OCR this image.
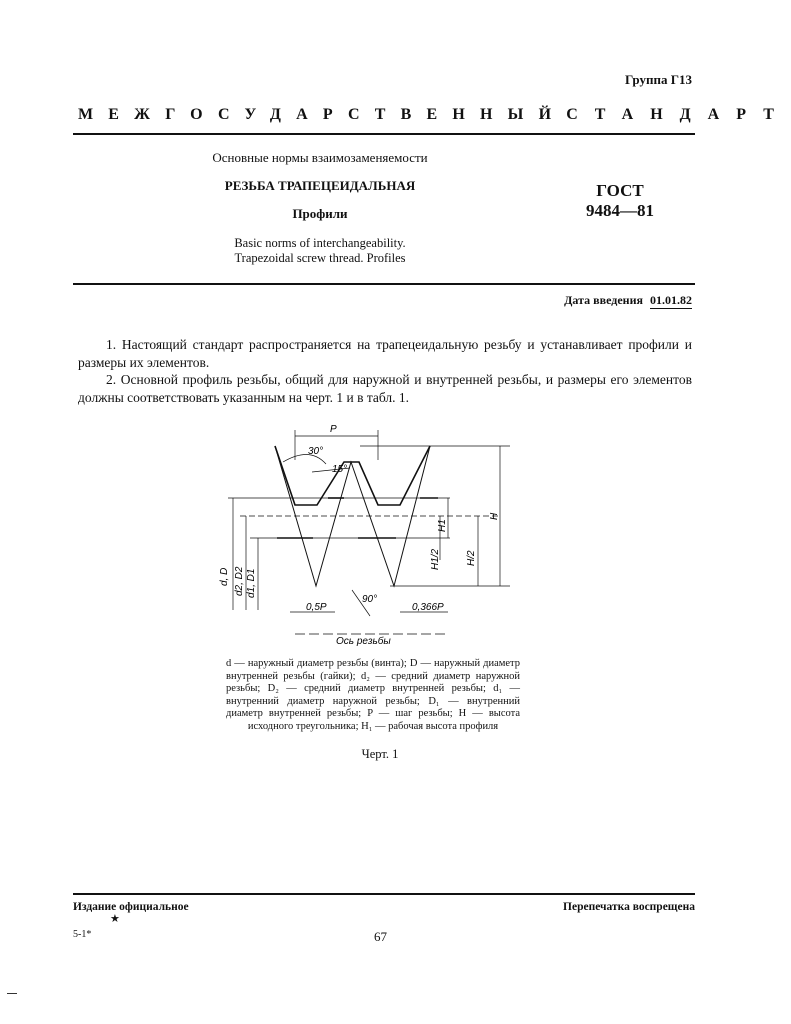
Группа Г13
МЕЖГОСУДАРСТВЕННЫЙ СТАНДАРТ
Основные нормы взаимозаменяемости
РЕЗЬБА ТРАПЕЦЕИДАЛЬНАЯ
Профили
ГОСТ
9484—81
Basic norms of interchangeability.
Trapezoidal screw thread. Profiles
Дата введения 01.01.82
1. Настоящий стандарт распространяется на трапецеидальную резьбу и устанавливает профили и размеры их элементов.
2. Основной профиль резьбы, общий для наружной и внутренней резьбы, и размеры его элементов должны соответствовать указанным на черт. 1 и в табл. 1.
P
30°
15°
90°
0,5P	0,366P
Ось резьбы
H
H/2
H1
H1/2
d, D d2, D2 d1, D1
d — наружный диаметр резьбы (винта); D — наружный диаметр внутренней резьбы (гайки); d₂ — средний диаметр наружной резьбы; D₂ — средний диаметр внутренней резьбы; d₁ — внутренний диаметр наружной резьбы; D₁ — внутренний диаметр внутренней резьбы; P — шаг резьбы; H — высота исходного треугольника; H₁ — рабочая высота профиля
Черт. 1
Издание официальное	Перепечатка воспрещена
★
5-1*	67
